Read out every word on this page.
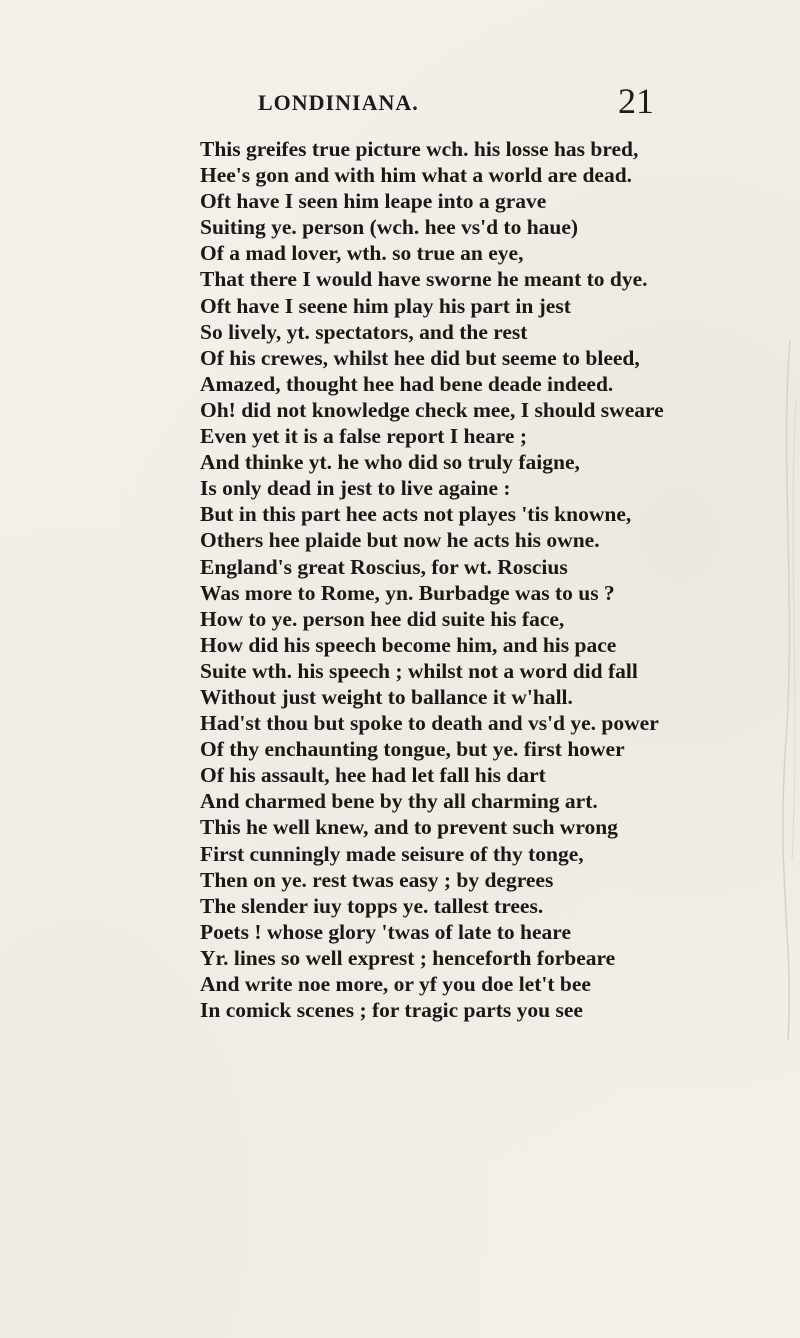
LONDINIANA.	21
This greifes true picture wch. his losse has bred,
Hee's gon and with him what a world are dead.
Oft have I seen him leape into a grave
Suiting ye. person (wch. hee vs'd to haue)
Of a mad lover, wth. so true an eye,
That there I would have sworne he meant to dye.
Oft have I seene him play his part in jest
So lively, yt. spectators, and the rest
Of his crewes, whilst hee did but seeme to bleed,
Amazed, thought hee had bene deade indeed.
Oh! did not knowledge check mee, I should sweare
Even yet it is a false report I heare ;
And thinke yt. he who did so truly faigne,
Is only dead in jest to live againe :
But in this part hee acts not playes 'tis knowne,
Others hee plaide but now he acts his owne.
England's great Roscius, for wt. Roscius
Was more to Rome, yn. Burbadge was to us ?
How to ye. person hee did suite his face,
How did his speech become him, and his pace
Suite wth. his speech ; whilst not a word did fall
Without just weight to ballance it w'hall.
Had'st thou but spoke to death and vs'd ye. power
Of thy enchaunting tongue, but ye. first hower
Of his assault, hee had let fall his dart
And charmed bene by thy all charming art.
This he well knew, and to prevent such wrong
First cunningly made seisure of thy tonge,
Then on ye. rest twas easy ; by degrees
The slender iuy topps ye. tallest trees.
Poets ! whose glory 'twas of late to heare
Yr. lines so well exprest ; henceforth forbeare
And write noe more, or yf you doe let't bee
In comick scenes ; for tragic parts you see
